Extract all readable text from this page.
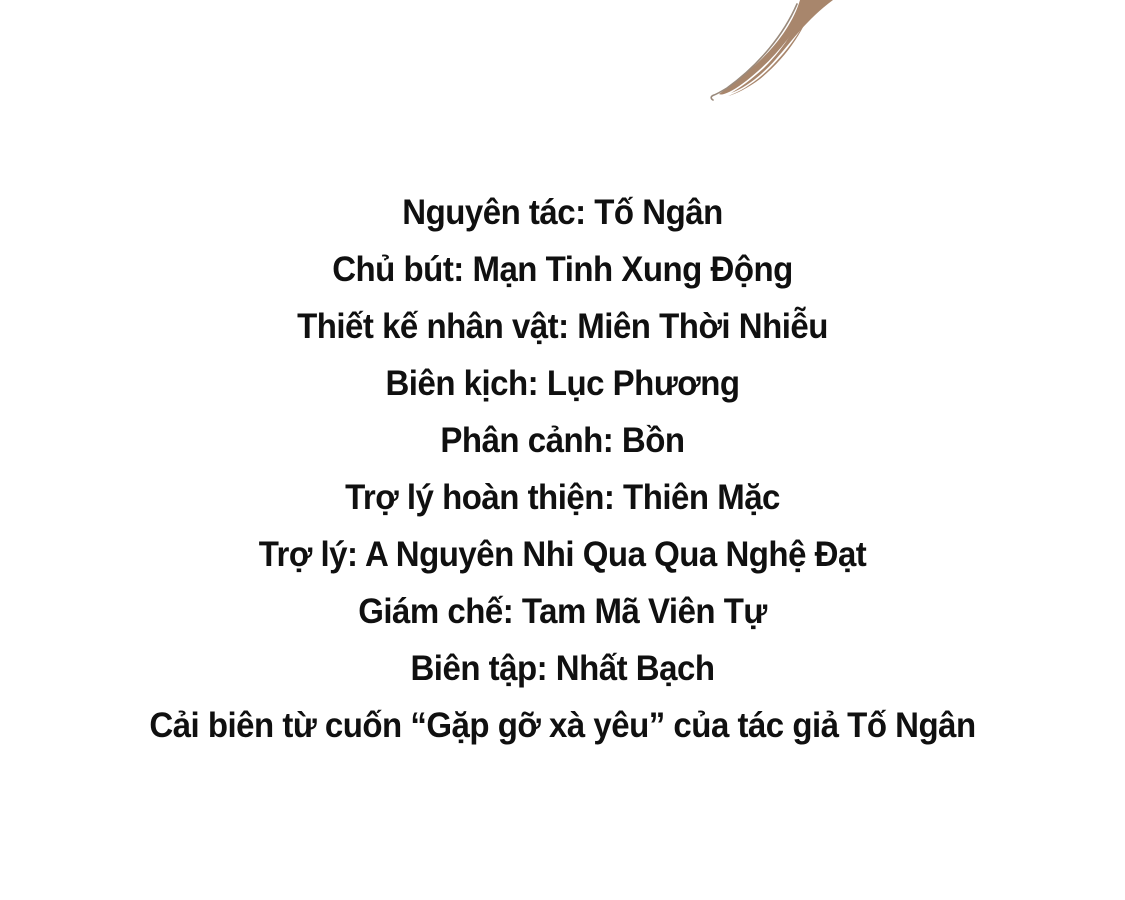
Nguyên tác: Tố Ngân
Chủ bút: Mạn Tinh Xung Động
Thiết kế nhân vật: Miên Thời Nhiễu
Biên kịch: Lục Phương
Phân cảnh: Bồn
Trợ lý hoàn thiện: Thiên Mặc
Trợ lý: A Nguyên Nhi Qua Qua Nghệ Đạt
Giám chế: Tam Mã Viên Tự
Biên tập: Nhất Bạch
Cải biên từ cuốn “Gặp gỡ xà yêu” của tác giả Tố Ngân
